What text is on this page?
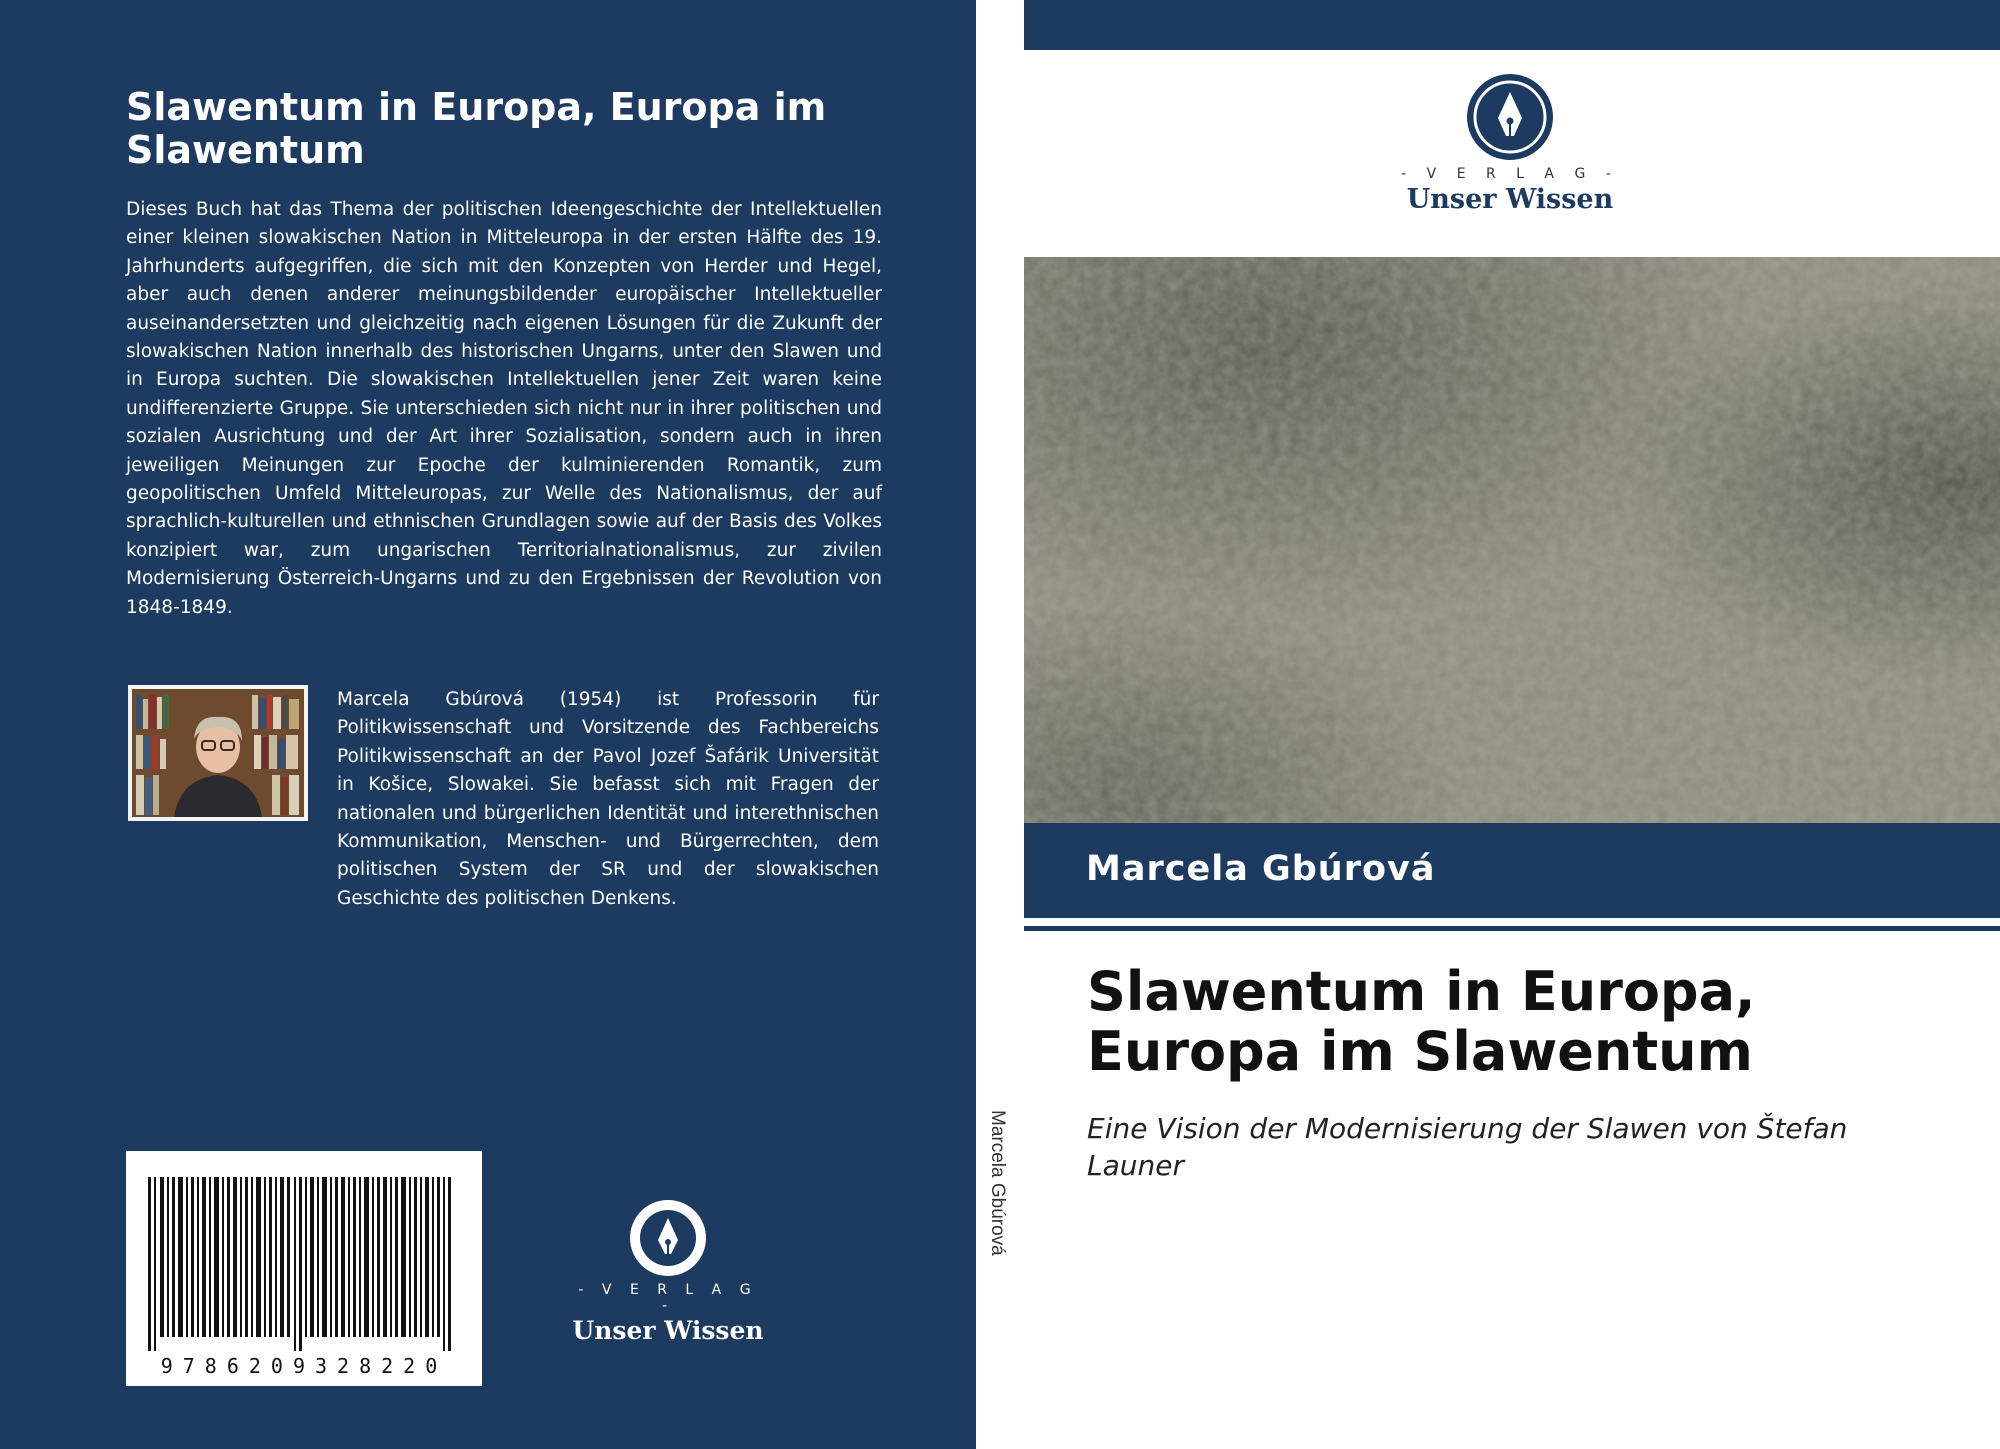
Slawentum in Europa, Europa im Slawentum

Dieses Buch hat das Thema der politischen Ideengeschichte der Intellektuellen einer kleinen slowakischen Nation in Mitteleuropa in der ersten Hälfte des 19. Jahrhunderts aufgegriffen, die sich mit den Konzepten von Herder und Hegel, aber auch denen anderer meinungsbildender europäischer Intellektueller auseinandersetzten und gleichzeitig nach eigenen Lösungen für die Zukunft der slowakischen Nation innerhalb des historischen Ungarns, unter den Slawen und in Europa suchten. Die slowakischen Intellektuellen jener Zeit waren keine undifferenzierte Gruppe. Sie unterschieden sich nicht nur in ihrer politischen und sozialen Ausrichtung und der Art ihrer Sozialisation, sondern auch in ihren jeweiligen Meinungen zur Epoche der kulminierenden Romantik, zum geopolitischen Umfeld Mitteleuropas, zur Welle des Nationalismus, der auf sprachlich-kulturellen und ethnischen Grundlagen sowie auf der Basis des Volkes konzipiert war, zum ungarischen Territorialnationalismus, zur zivilen Modernisierung Österreich-Ungarns und zu den Ergebnissen der Revolution von 1848-1849.

Marcela Gbúrová (1954) ist Professorin für Politikwissenschaft und Vorsitzende des Fachbereichs Politikwissenschaft an der Pavol Jozef Šafárik Universität in Košice, Slowakei. Sie befasst sich mit Fragen der nationalen und bürgerlichen Identität und interethnischen Kommunikation, Menschen- und Bürgerrechten, dem politischen System der SR und der slowakischen Geschichte des politischen Denkens.

9786209328220
- V E R L A G -
Unser Wissen
Marcela Gbúrová
- V E R L A G -
Unser Wissen
Marcela Gbúrová
Slawentum in Europa,
Europa im Slawentum
Eine Vision der Modernisierung der Slawen von Štefan Launer
